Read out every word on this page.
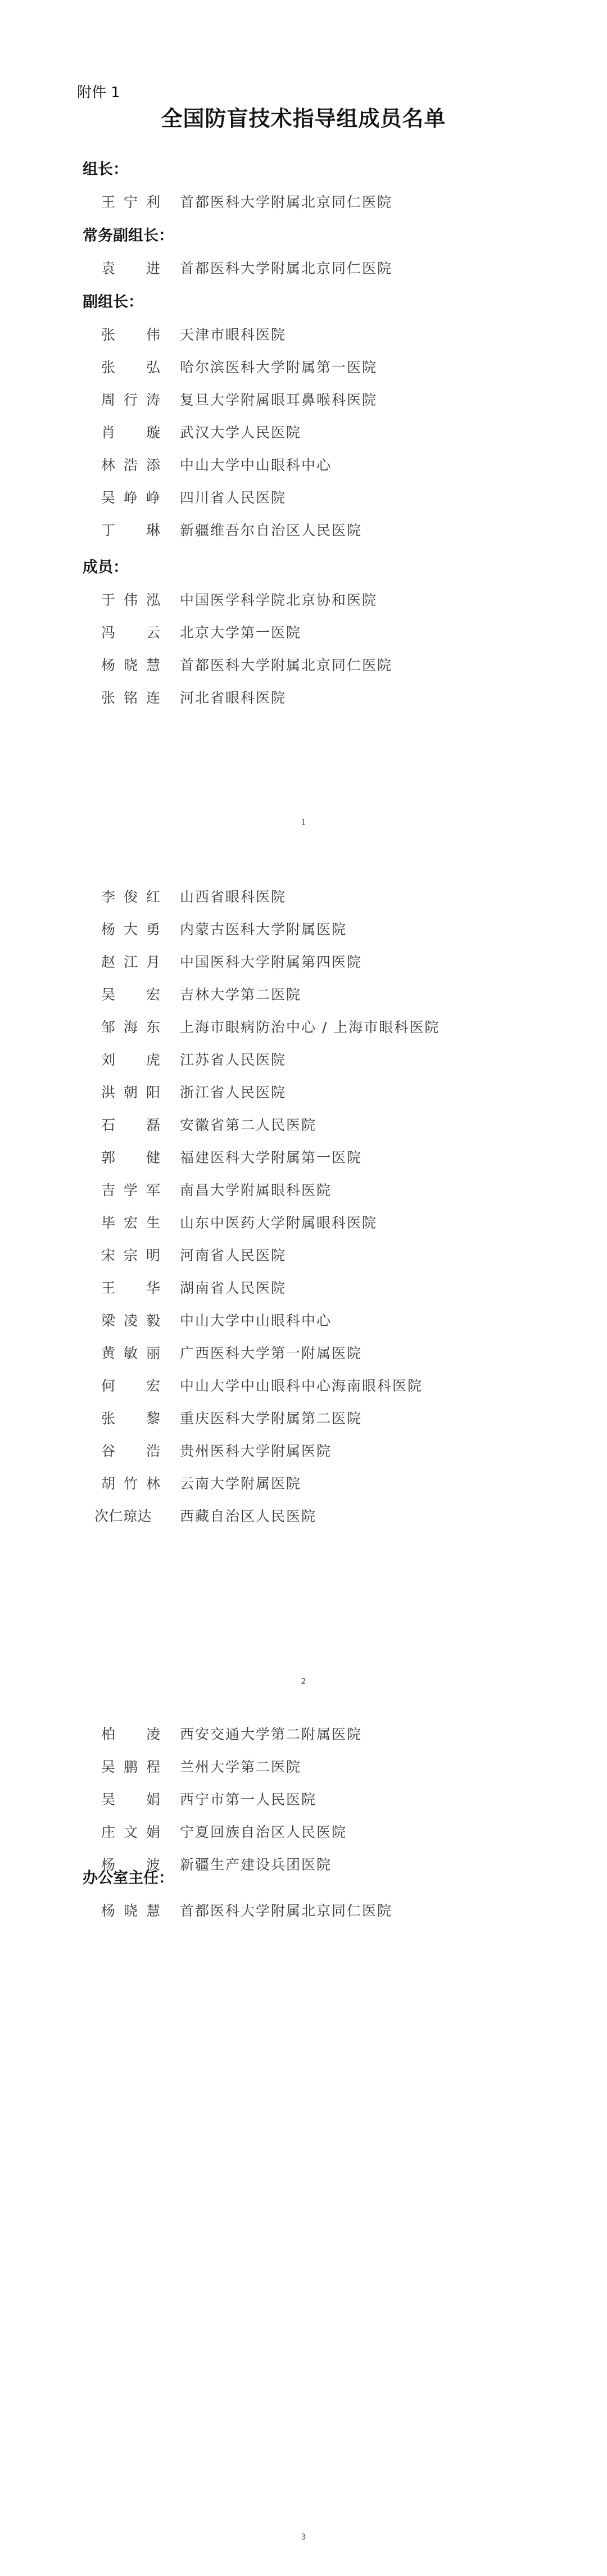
附件 1
全国防盲技术指导组成员名单
组长：
王宁利	首都医科大学附属北京同仁医院
常务副组长：
袁进	首都医科大学附属北京同仁医院
副组长：
张伟	天津市眼科医院
张弘	哈尔滨医科大学附属第一医院
周行涛	复旦大学附属眼耳鼻喉科医院
肖璇	武汉大学人民医院
林浩添	中山大学中山眼科中心
吴峥峥	四川省人民医院
丁琳	新疆维吾尔自治区人民医院
成员：
于伟泓	中国医学科学院北京协和医院
冯云	北京大学第一医院
杨晓慧	首都医科大学附属北京同仁医院
张铭连	河北省眼科医院
1
李俊红	山西省眼科医院
杨大勇	内蒙古医科大学附属医院
赵江月	中国医科大学附属第四医院
吴宏	吉林大学第二医院
邹海东	上海市眼病防治中心 / 上海市眼科医院
刘虎	江苏省人民医院
洪朝阳	浙江省人民医院
石磊	安徽省第二人民医院
郭健	福建医科大学附属第一医院
吉学军	南昌大学附属眼科医院
毕宏生	山东中医药大学附属眼科医院
宋宗明	河南省人民医院
王华	湖南省人民医院
梁凌毅	中山大学中山眼科中心
黄敏丽	广西医科大学第一附属医院
何宏	中山大学中山眼科中心海南眼科医院
张黎	重庆医科大学附属第二医院
谷浩	贵州医科大学附属医院
胡竹林	云南大学附属医院
次仁琼达	西藏自治区人民医院
2
柏凌	西安交通大学第二附属医院
吴鹏程	兰州大学第二医院
吴娟	西宁市第一人民医院
庄文娟	宁夏回族自治区人民医院
杨波	新疆生产建设兵团医院
办公室主任：
杨晓慧	首都医科大学附属北京同仁医院
3
